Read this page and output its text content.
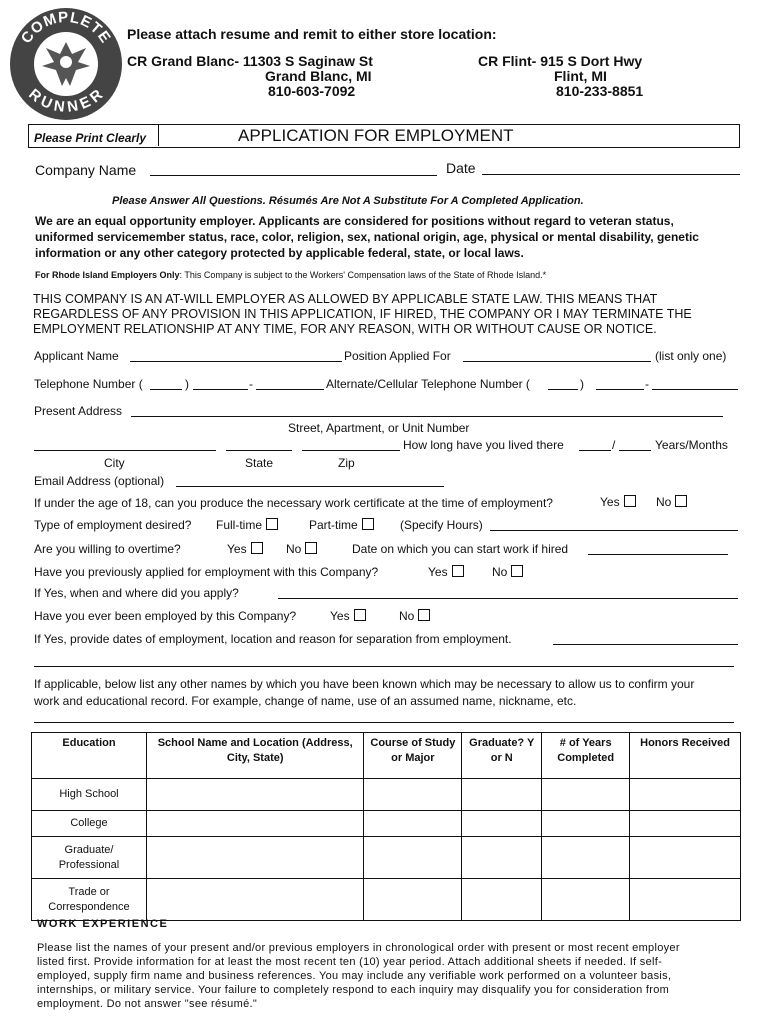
COMPLETE
RUNNER
Please attach resume and remit to either store location:
CR Grand Blanc- 11303 S Saginaw St
Grand Blanc, MI
810-603-7092
CR Flint- 915 S Dort Hwy
Flint, MI
810-233-8851
Please Print Clearly	APPLICATION FOR EMPLOYMENT
Company Name	Date
Please Answer All Questions. Résumés Are Not A Substitute For A Completed Application.
We are an equal opportunity employer. Applicants are considered for positions without regard to veteran status,
uniformed servicemember status, race, color, religion, sex, national origin, age, physical or mental disability, genetic
information or any other category protected by applicable federal, state, or local laws.
For Rhode Island Employers Only: This Company is subject to the Workers' Compensation laws of the State of Rhode Island.*
THIS COMPANY IS AN AT-WILL EMPLOYER AS ALLOWED BY APPLICABLE STATE LAW. THIS MEANS THAT
REGARDLESS OF ANY PROVISION IN THIS APPLICATION, IF HIRED, THE COMPANY OR I MAY TERMINATE THE
EMPLOYMENT RELATIONSHIP AT ANY TIME, FOR ANY REASON, WITH OR WITHOUT CAUSE OR NOTICE.
Applicant Name	Position Applied For	(list only one)
Telephone Number (	)	-	Alternate/Cellular Telephone Number (	)	-
Present Address
Street, Apartment, or Unit Number
How long have you lived there	/	Years/Months
City	State	Zip
Email Address (optional)
If under the age of 18, can you produce the necessary work certificate at the time of employment?	Yes	No
Type of employment desired? Full-time	Part-time	(Specify Hours)
Are you willing to overtime?	Yes	No	Date on which you can start work if hired
Have you previously applied for employment with this Company?	Yes	No
If Yes, when and where did you apply?
Have you ever been employed by this Company?	Yes	No
If Yes, provide dates of employment, location and reason for separation from employment.
If applicable, below list any other names by which you have been known which may be necessary to allow us to confirm your
work and educational record. For example, change of name, use of an assumed name, nickname, etc.
Education	School Name and Location (Address, City, State)	Course of Study or Major	Graduate? Y or N	# of Years Completed	Honors Received
High School					
College					
Graduate/ Professional					
Trade or Correspondence					
WORK EXPERIENCE
Please list the names of your present and/or previous employers in chronological order with present or most recent employer
listed first. Provide information for at least the most recent ten (10) year period. Attach additional sheets if needed. If self-
employed, supply firm name and business references. You may include any verifiable work performed on a volunteer basis,
internships, or military service. Your failure to completely respond to each inquiry may disqualify you for consideration from
employment. Do not answer "see résumé."
